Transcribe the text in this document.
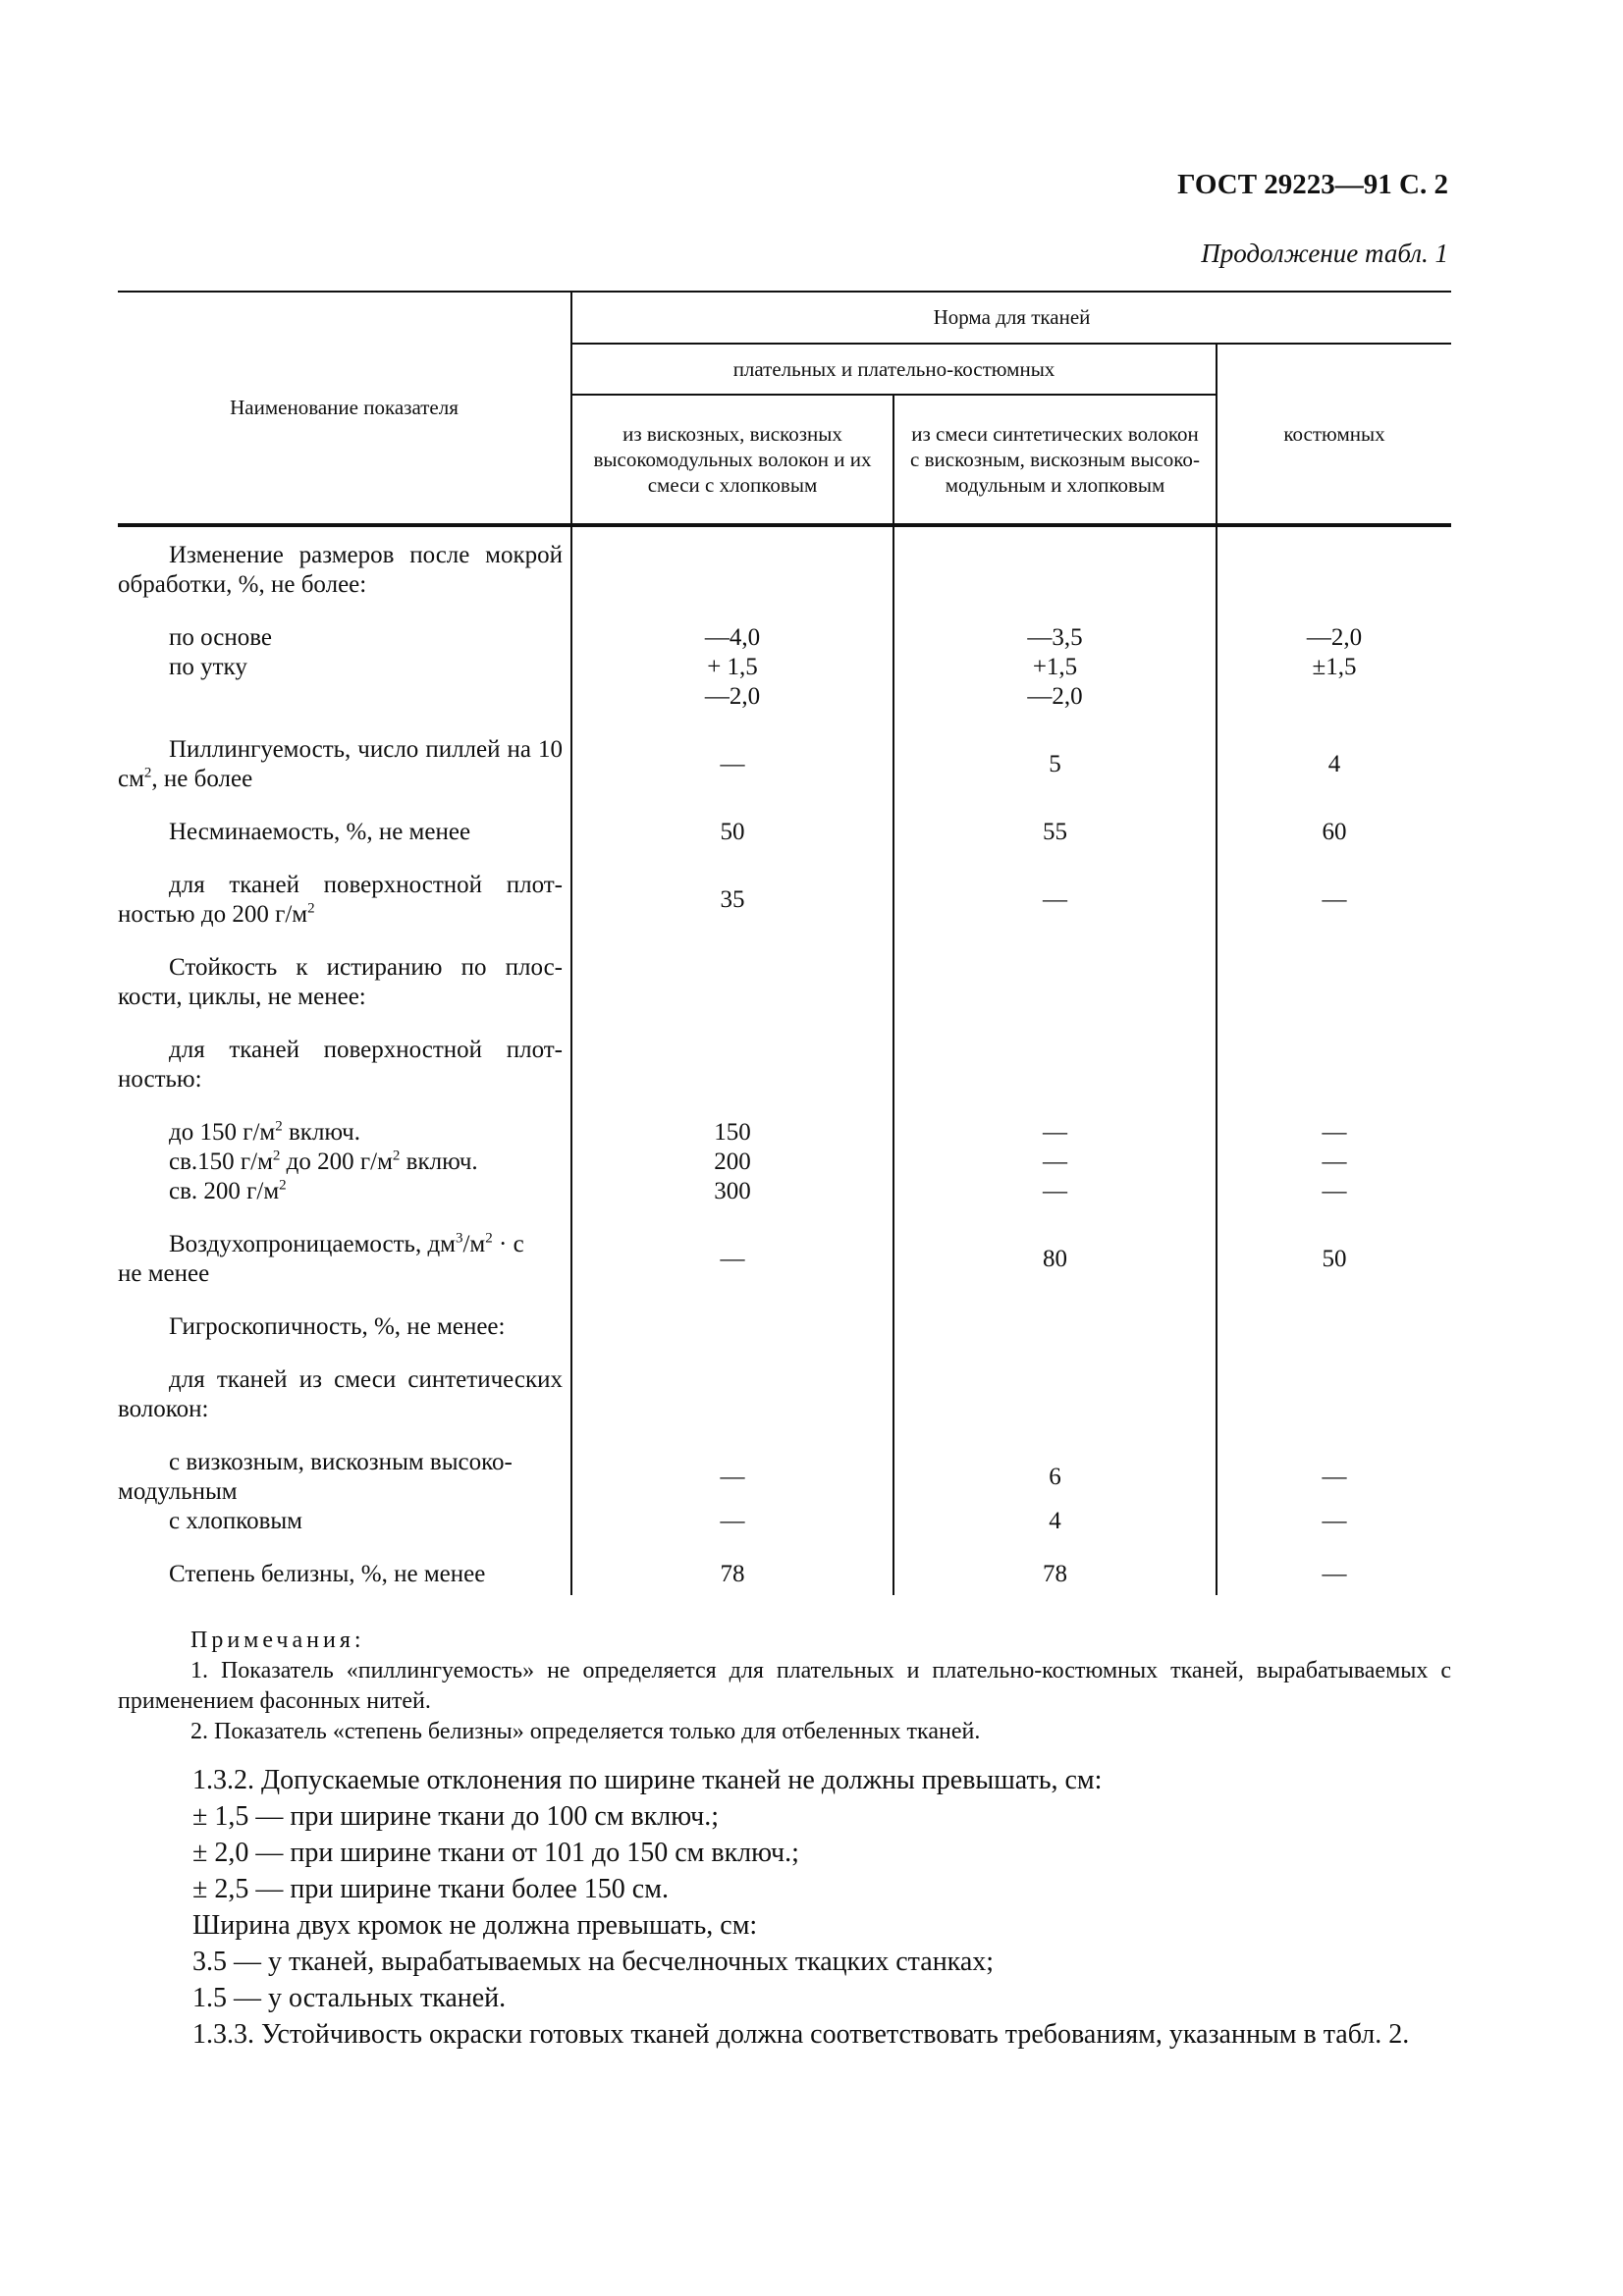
ГОСТ 29223—91 С. 2
Продолжение табл. 1
Наименование показателя	Норма для тканей		
	плательных и плательно-костюмных		костюмных
	из вискозных, вискозных высокомодульных волокон и их смеси с хлопковым	из смеси синтетических волокон с вискозным, вискозным высокомодульным и хлопковым	

Изменение размеров после мокрой обработки, %, не более:			

по основе	—4,0	—3,5	—2,0

по утку	+ 1,5	+1,5	±1,5
	—2,0	—2,0	

Пиллингуемость, число пиллей на 10 $см^2$, не более	—	5	4

Несминаемость, %, не менее	50	55	60

для тканей поверхностной плотностью до 200 $г/м^2$	35	—	—

Стойкость к истиранию по плоскости, циклы, не менее:			

для тканей поверхностной плотностью:			

до 150 $г/м^2$ включ.	150	—	—

св.150 $г/м^2$ до 200 $г/м^2$ включ.	200	—	—

св. 200 $г/м^2$	300	—	—

Воздухопроницаемость, $дм^3/м^2 \cdot с$
не менее	—	80	50

Гигроскопичность, %, не менее:			

для тканей из смеси синтетических волокон:			

с визкозным, вискозным высоко-
модульным	—	6	—

с хлопковым	—	4	—

Степень белизны, %, не менее	78	78	—
Примечания:

1. Показатель «пиллингуемость» не определяется для плательных и плательно-костюмных тканей, вырабатываемых с применением фасонных нитей.

2. Показатель «степень белизны» определяется только для отбеленных тканей.

1.3.2. Допускаемые отклонения по ширине тканей не должны превышать, см:

± 1,5 — при ширине ткани до 100 см включ.;

± 2,0 — при ширине ткани от 101 до 150 см включ.;

± 2,5 — при ширине ткани более 150 см.

Ширина двух кромок не должна превышать, см:

3.5 — у тканей, вырабатываемых на бесчелночных ткацких станках;

1.5 — у остальных тканей.

1.3.3. Устойчивость окраски готовых тканей должна соответствовать требованиям, указанным в табл. 2.
